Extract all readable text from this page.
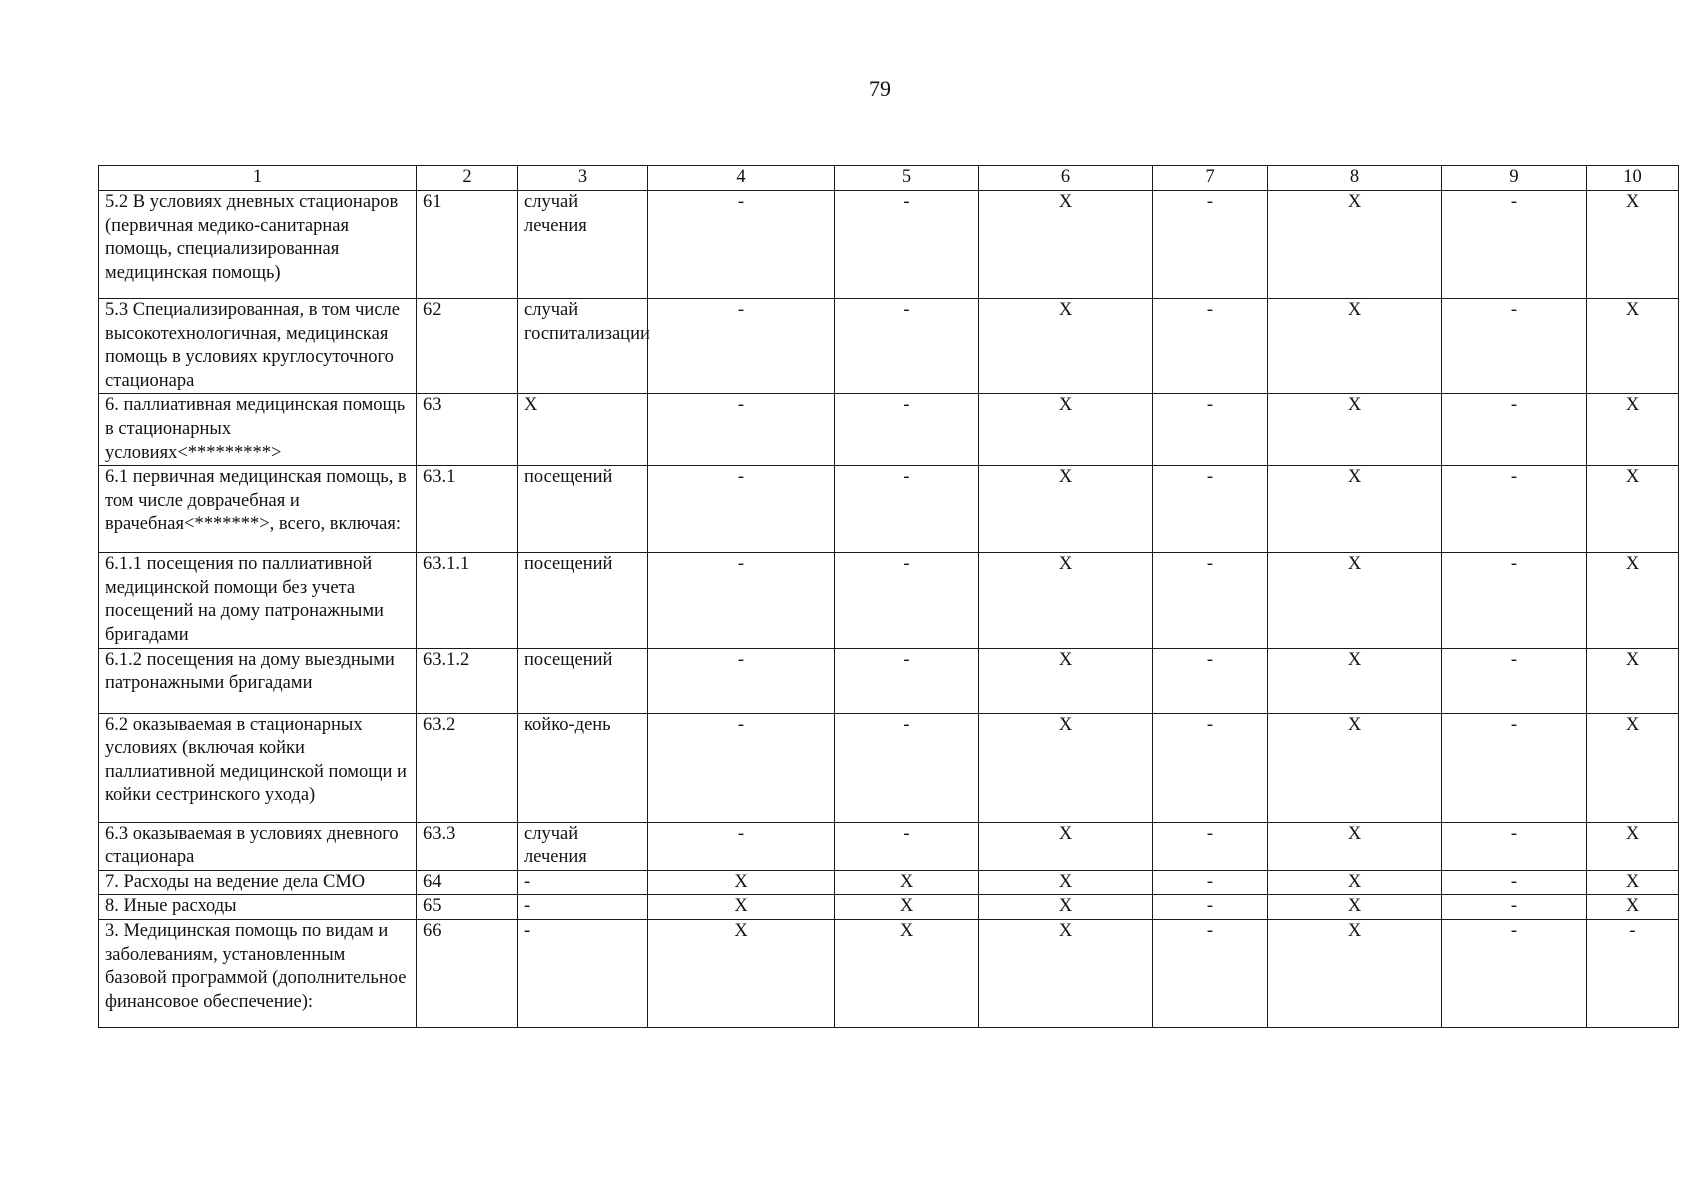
79
1	2	3	4	5	6	7	8	9	10
5.2 В условиях дневных стационаров (первичная медико-санитарная помощь, специализированная медицинская помощь)	61	случай лечения	-	-	X	-	X	-	X
5.3 Специализированная, в том числе высокотехнологичная, медицинская помощь в условиях круглосуточного стационара	62	случай госпитализации	-	-	X	-	X	-	X
6. паллиативная медицинская помощь в стационарных условиях<*********>	63	X	-	-	X	-	X	-	X
6.1 первичная медицинская помощь, в том числе доврачебная и врачебная<*******>, всего, включая:	63.1	посещений	-	-	X	-	X	-	X
6.1.1 посещения по паллиативной медицинской помощи без учета посещений на дому патронажными бригадами	63.1.1	посещений	-	-	X	-	X	-	X
6.1.2 посещения на дому выездными патронажными бригадами	63.1.2	посещений	-	-	X	-	X	-	X
6.2 оказываемая в стационарных условиях (включая койки паллиативной медицинской помощи и койки сестринского ухода)	63.2	койко-день	-	-	X	-	X	-	X
6.3 оказываемая в условиях дневного стационара	63.3	случай лечения	-	-	X	-	X	-	X
7. Расходы на ведение дела СМО	64	-	X	X	X	-	X	-	X
8. Иные расходы	65	-	X	X	X	-	X	-	X
3. Медицинская помощь по видам и заболеваниям, установленным базовой программой (дополнительное финансовое обеспечение):	66	-	X	X	X	-	X	-	-
